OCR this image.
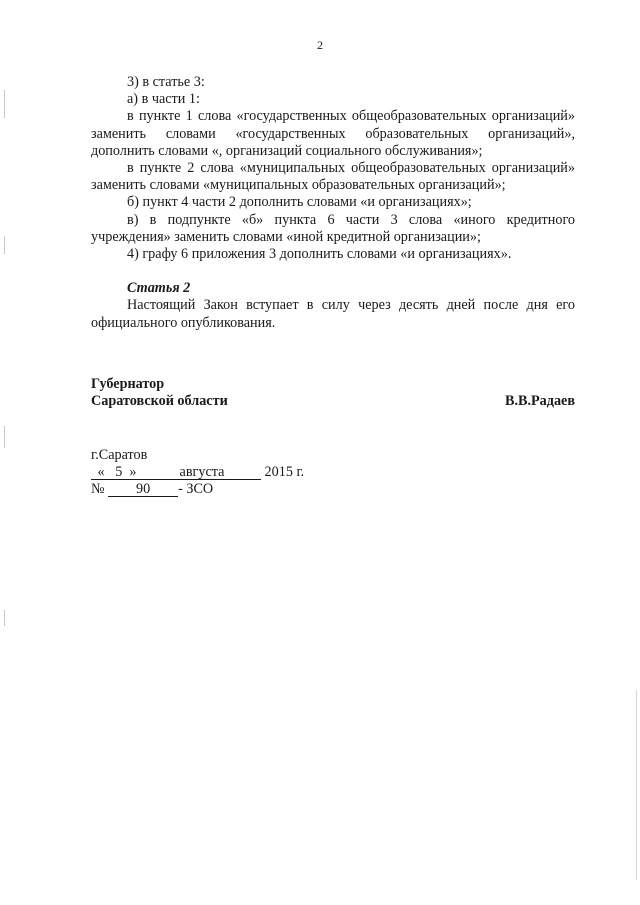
2

3) в статье 3:

а) в части 1:

в пункте 1 слова «государственных общеобразовательных организаций» заменить словами «государственных образовательных организаций», дополнить словами «, организаций социального обслуживания»;

в пункте 2 слова «муниципальных общеобразовательных организаций» заменить словами «муниципальных образовательных организаций»;

б) пункт 4 части 2 дополнить словами «и организациях»;

в) в подпункте «б» пункта 6 части 3 слова «иного кредитного учреждения» заменить словами «иной кредитной организации»;

4) графу 6 приложения 3 дополнить словами «и организациях».

Статья 2

Настоящий Закон вступает в силу через десять дней после дня его официального опубликования.

Губернатор
Саратовской области	В.В.Радаев
г.Саратов
« 5 »	августа	2015 г.
№ 90 - ЗСО
